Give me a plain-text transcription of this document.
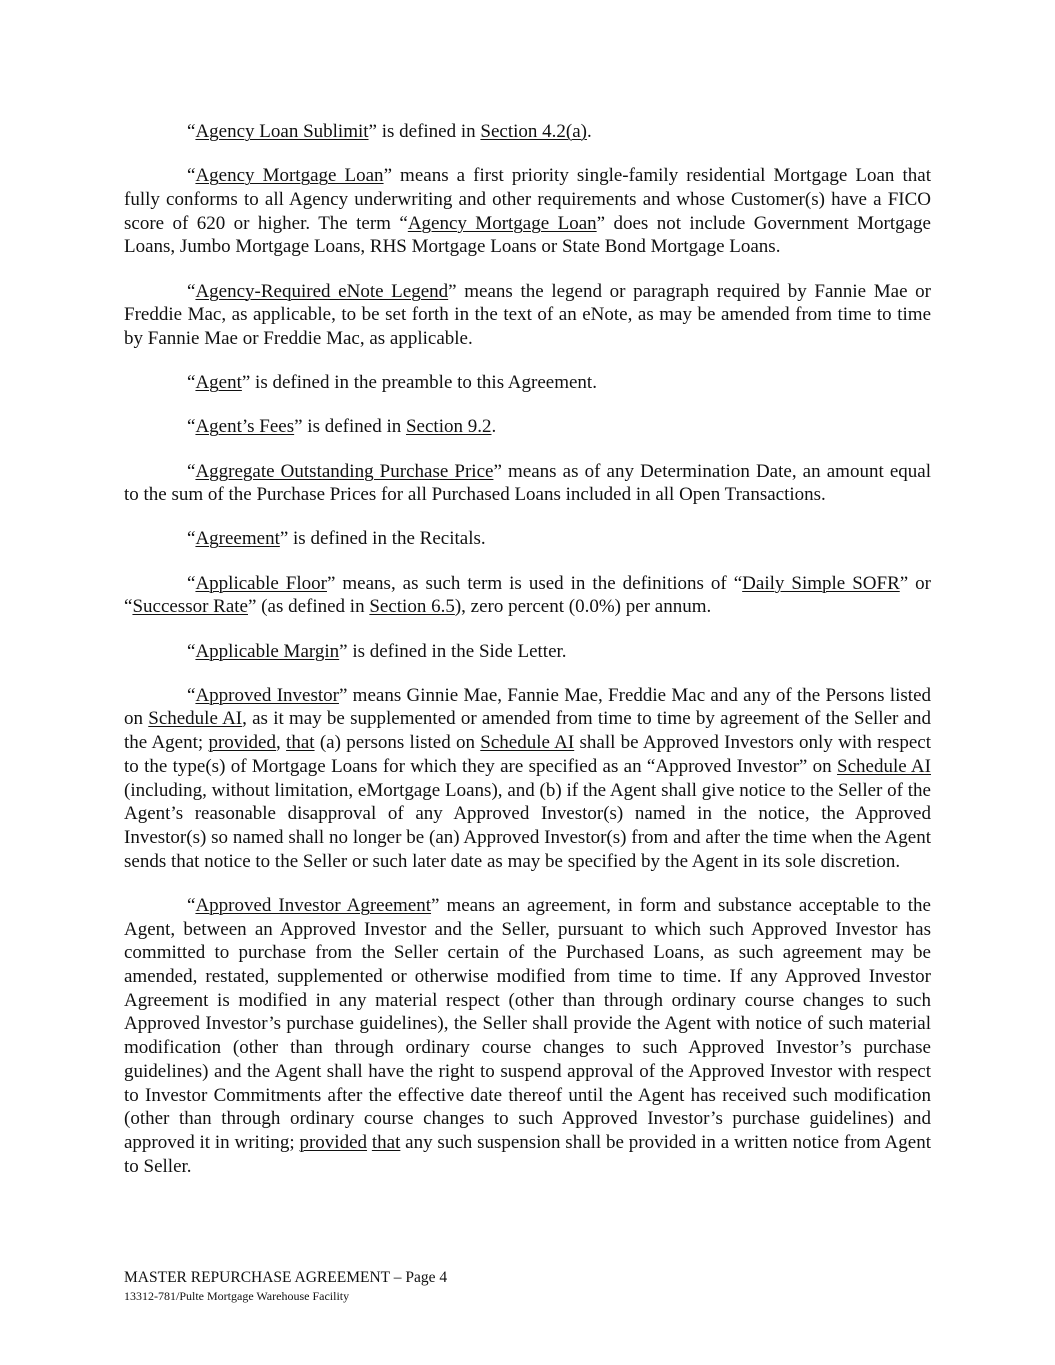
“Agency Loan Sublimit” is defined in Section 4.2(a).

“Agency Mortgage Loan” means a first priority single-family residential Mortgage Loan that fully conforms to all Agency underwriting and other requirements and whose Customer(s) have a FICO score of 620 or higher. The term “Agency Mortgage Loan” does not include Government Mortgage Loans, Jumbo Mortgage Loans, RHS Mortgage Loans or State Bond Mortgage Loans.

“Agency-Required eNote Legend” means the legend or paragraph required by Fannie Mae or Freddie Mac, as applicable, to be set forth in the text of an eNote, as may be amended from time to time by Fannie Mae or Freddie Mac, as applicable.

“Agent” is defined in the preamble to this Agreement.

“Agent’s Fees” is defined in Section 9.2.

“Aggregate Outstanding Purchase Price” means as of any Determination Date, an amount equal to the sum of the Purchase Prices for all Purchased Loans included in all Open Transactions.

“Agreement” is defined in the Recitals.

“Applicable Floor” means, as such term is used in the definitions of “Daily Simple SOFR” or “Successor Rate” (as defined in Section 6.5), zero percent (0.0%) per annum.

“Applicable Margin” is defined in the Side Letter.

“Approved Investor” means Ginnie Mae, Fannie Mae, Freddie Mac and any of the Persons listed on Schedule AI, as it may be supplemented or amended from time to time by agreement of the Seller and the Agent; provided, that (a) persons listed on Schedule AI shall be Approved Investors only with respect to the type(s) of Mortgage Loans for which they are specified as an “Approved Investor” on Schedule AI (including, without limitation, eMortgage Loans), and (b) if the Agent shall give notice to the Seller of the Agent’s reasonable disapproval of any Approved Investor(s) named in the notice, the Approved Investor(s) so named shall no longer be (an) Approved Investor(s) from and after the time when the Agent sends that notice to the Seller or such later date as may be specified by the Agent in its sole discretion.

“Approved Investor Agreement” means an agreement, in form and substance acceptable to the Agent, between an Approved Investor and the Seller, pursuant to which such Approved Investor has committed to purchase from the Seller certain of the Purchased Loans, as such agreement may be amended, restated, supplemented or otherwise modified from time to time. If any Approved Investor Agreement is modified in any material respect (other than through ordinary course changes to such Approved Investor’s purchase guidelines), the Seller shall provide the Agent with notice of such material modification (other than through ordinary course changes to such Approved Investor’s purchase guidelines) and the Agent shall have the right to suspend approval of the Approved Investor with respect to Investor Commitments after the effective date thereof until the Agent has received such modification (other than through ordinary course changes to such Approved Investor’s purchase guidelines) and approved it in writing; provided that any such suspension shall be provided in a written notice from Agent to Seller.

MASTER REPURCHASE AGREEMENT – Page 4
13312-781/Pulte Mortgage Warehouse Facility
